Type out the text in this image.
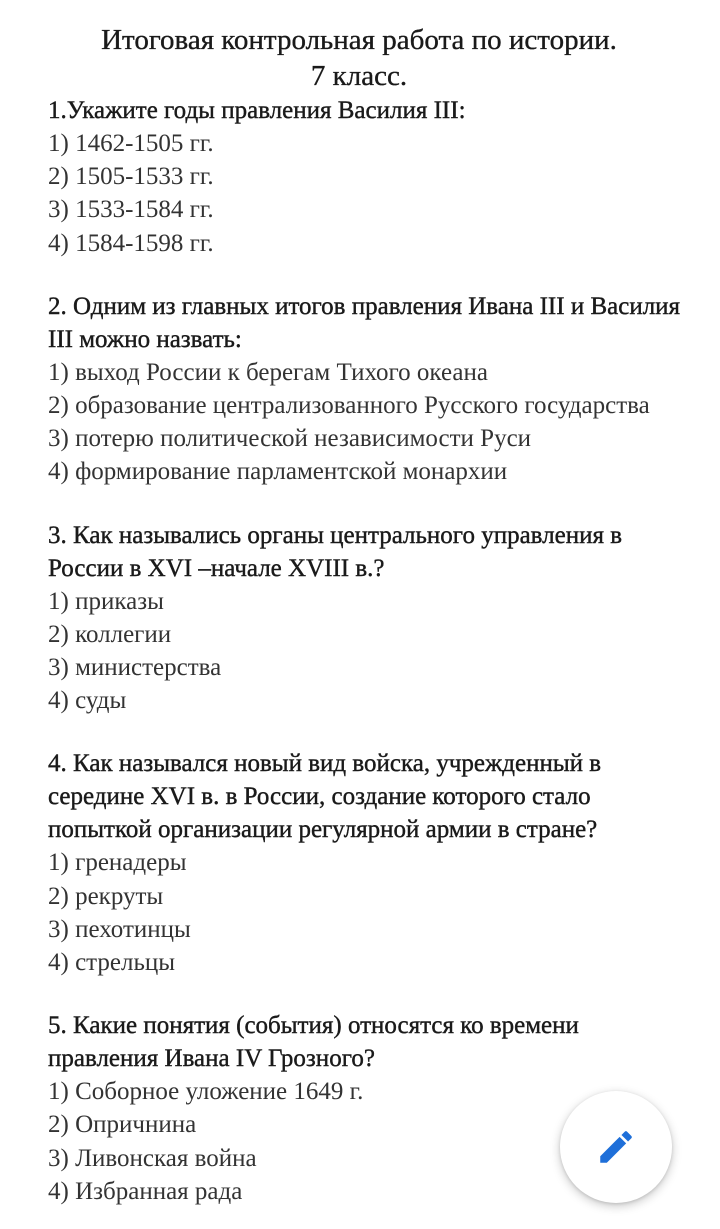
Итоговая контрольная работа по истории.
7 класс.

1.Укажите годы правления Василия III:

1) 1462-1505 гг.
2) 1505-1533 гг.
3) 1533-1584 гг.
4) 1584-1598 гг.

2. Одним из главных итогов правления Ивана III и Василия III можно назвать:

1) выход России к берегам Тихого океана
2) образование централизованного Русского государства
3) потерю политической независимости Руси
4) формирование парламентской монархии

3. Как назывались органы центрального управления в России в XVI –начале XVIII в.?

1) приказы
2) коллегии
3) министерства
4) суды

4. Как назывался новый вид войска, учрежденный в середине XVI в. в России, создание которого стало попыткой организации регулярной армии в стране?

1) гренадеры
2) рекруты
3) пехотинцы
4) стрельцы

5. Какие понятия (события) относятся ко времени правления Ивана IV Грозного?

1) Соборное уложение 1649 г.
2) Опричнина
3) Ливонская война
4) Избранная рада
